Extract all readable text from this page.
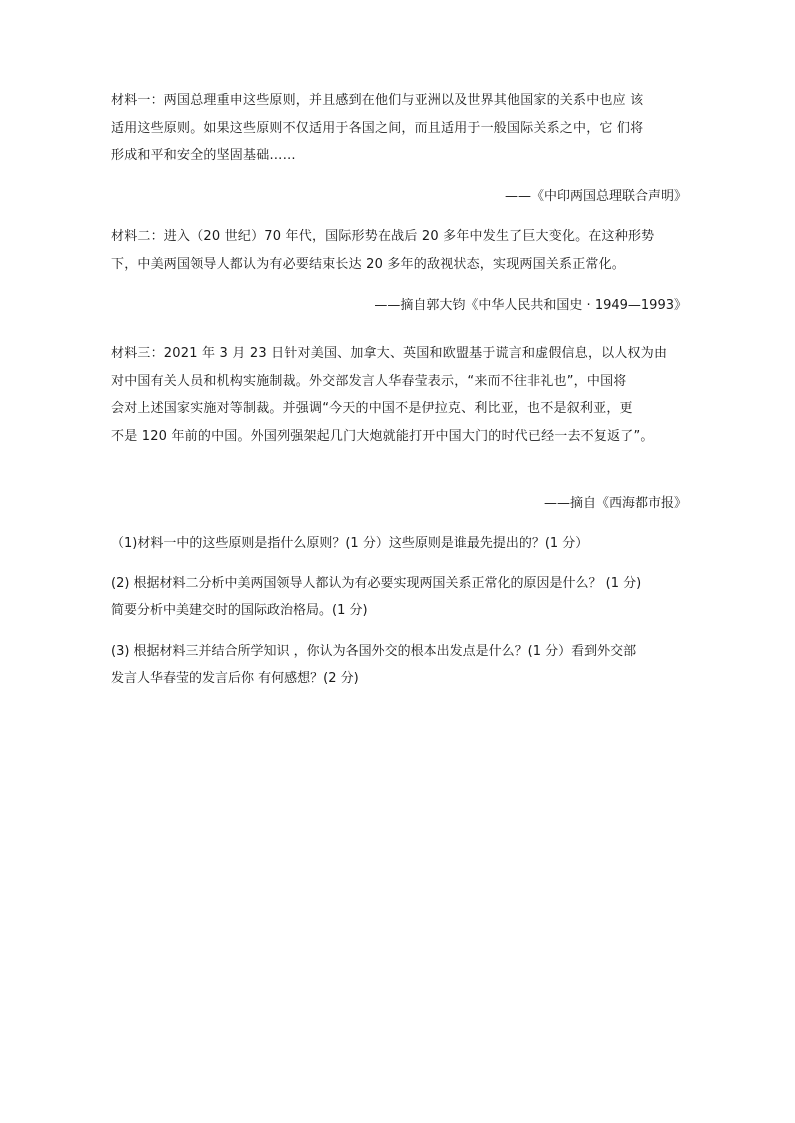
材料一：两国总理重申这些原则，并且感到在他们与亚洲以及世界其他国家的关系中也应 该
适用这些原则。如果这些原则不仅适用于各国之间，而且适用于一般国际关系之中，它 们将
形成和平和安全的坚固基础……

——《中印两国总理联合声明》

材料二：进入（20 世纪）70 年代，国际形势在战后 20 多年中发生了巨大变化。在这种形势
下，中美两国领导人都认为有必要结束长达 20 多年的敌视状态，实现两国关系正常化。

——摘自郭大钧《中华人民共和国史 · 1949—1993》

材料三：2021 年 3 月 23 日针对美国、加拿大、英国和欧盟基于谎言和虚假信息，以人权为由
对中国有关人员和机构实施制裁。外交部发言人华春莹表示，“来而不往非礼也”，中国将
会对上述国家实施对等制裁。并强调“今天的中国不是伊拉克、利比亚，也不是叙利亚，更
不是 120 年前的中国。外国列强架起几门大炮就能打开中国大门的时代已经一去不复返了”。

——摘自《西海都市报》

（1)材料一中的这些原则是指什么原则？(1 分）这些原则是谁最先提出的？(1 分）
(2) 根据材料二分析中美两国领导人都认为有必要实现两国关系正常化的原因是什么？ (1 分)
简要分析中美建交时的国际政治格局。(1 分)
(3) 根据材料三并结合所学知识 ，你认为各国外交的根本出发点是什么？(1 分）看到外交部
发言人华春莹的发言后你 有何感想？(2 分)
